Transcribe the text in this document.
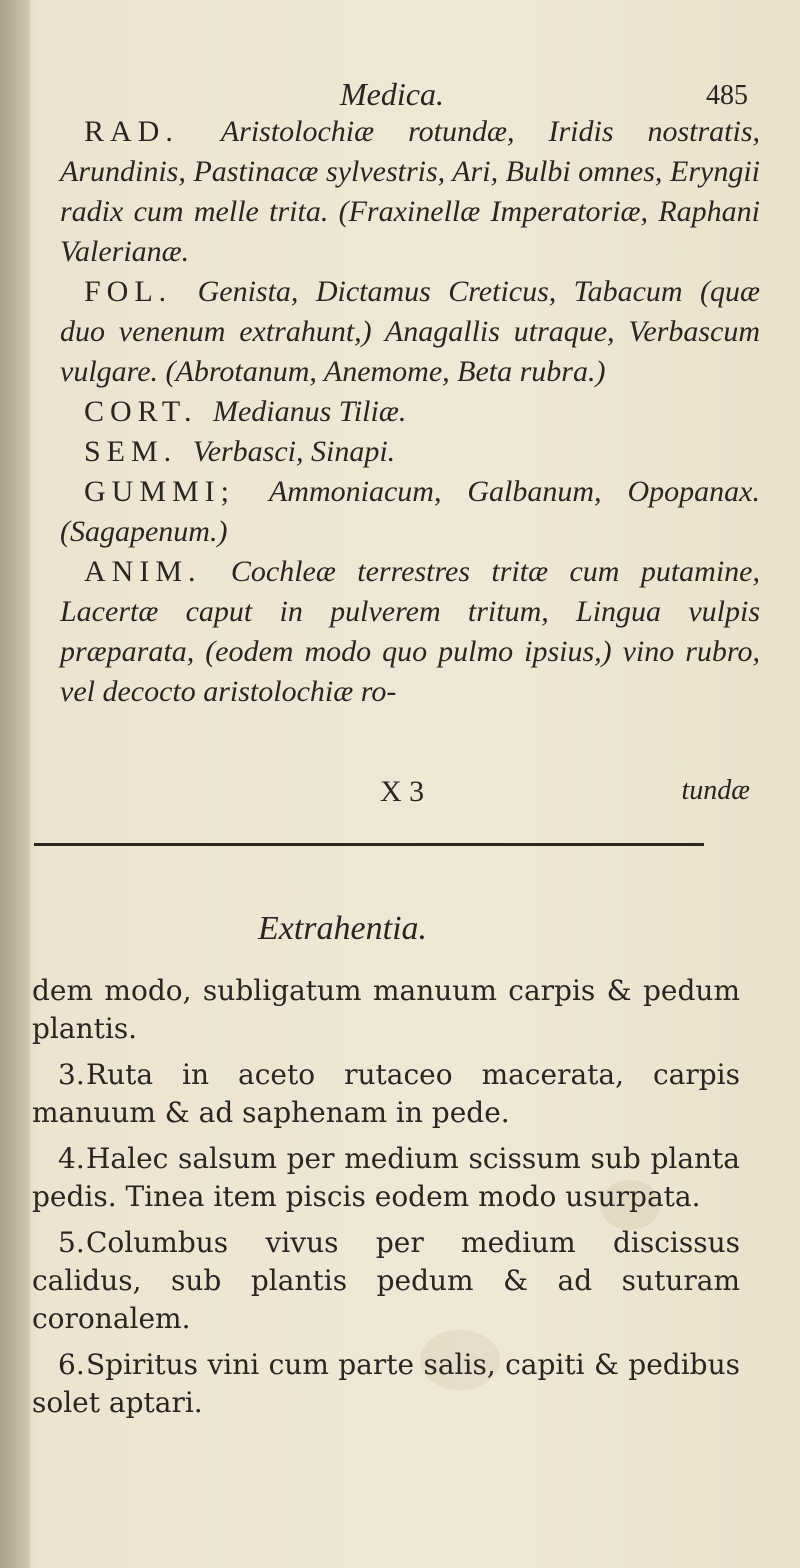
Medica.	485

RAD. Aristolochiæ rotundæ, Iridis nostratis, Arundinis, Pastinacæ sylvestris, Ari, Bulbi omnes, Eryngii radix cum melle trita. (Fraxinellæ Imperatoriæ, Raphani Valerianæ.

FOL. Genista, Dictamus Creticus, Tabacum (quæ duo venenum extrahunt,) Anagallis utraque, Verbascum vulgare. (Abrotanum, Anemome, Beta rubra.)

CORT. Medianus Tiliæ.

SEM. Verbasci, Sinapi.

GUMMI; Ammoniacum, Galbanum, Opopanax. (Sagapenum.)

ANIM. Cochleæ terrestres tritæ cum putamine, Lacertæ caput in pulverem tritum, Lingua vulpis præparata, (eodem modo quo pulmo ipsius,) vino rubro, vel decocto aristolochiæ ro-

X 3	tundæ
Extrahentia.

dem modo, subligatum manuum carpis & pedum plantis.

3.Ruta in aceto rutaceo macerata, carpis manuum & ad saphenam in pede.

4.Halec salsum per medium scissum sub planta pedis. Tinea item piscis eodem modo usurpata.

5.Columbus vivus per medium discissus calidus, sub plantis pedum & ad suturam coronalem.

6.Spiritus vini cum parte salis, capiti & pedibus solet aptari.
